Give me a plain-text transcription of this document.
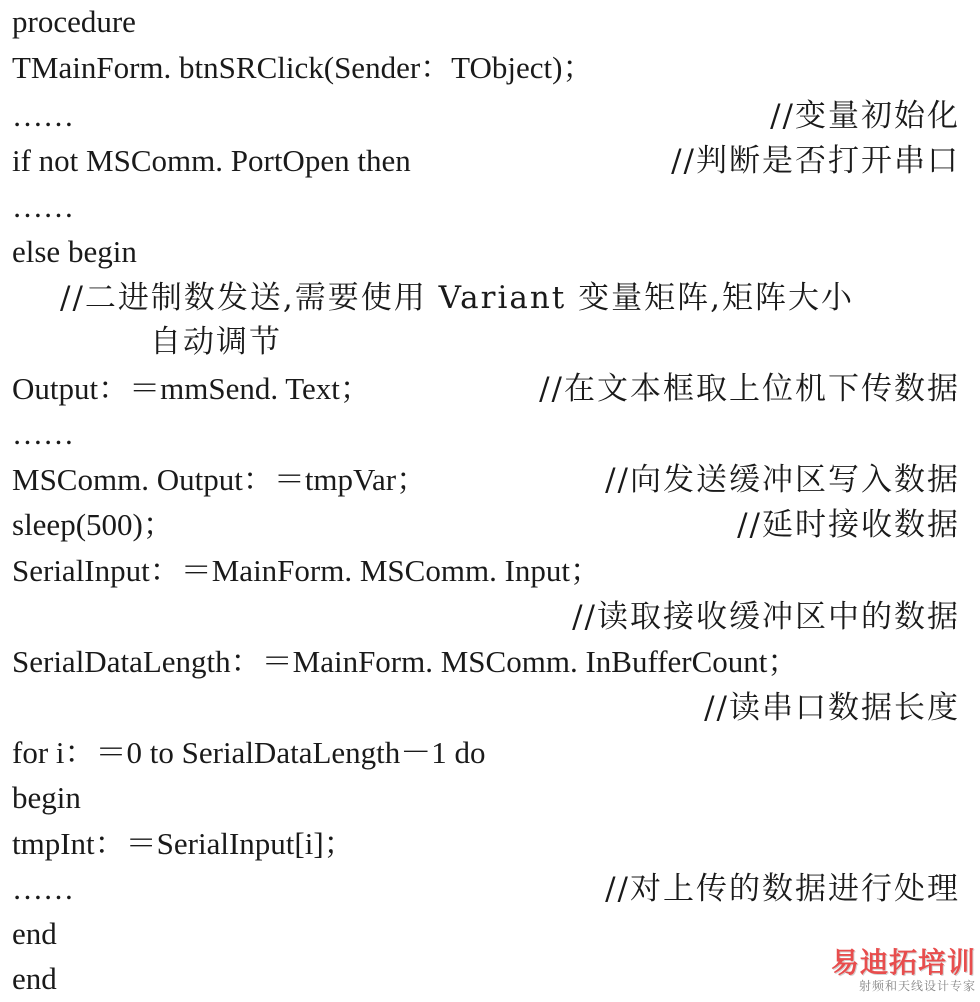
procedure
TMainForm. btnSRClick(Sender：TObject)；
……	//变量初始化
if not MSComm. PortOpen then	//判断是否打开串口
……
else begin
//二进制数发送,需要使用 Variant 变量矩阵,矩阵大小
自动调节
Output：＝mmSend. Text；	//在文本框取上位机下传数据
……
MSComm. Output：＝tmpVar；	//向发送缓冲区写入数据
sleep(500)；	//延时接收数据
SerialInput：＝MainForm. MSComm. Input；
//读取接收缓冲区中的数据
SerialDataLength：＝MainForm. MSComm. InBufferCount；
//读串口数据长度
for i：＝0 to SerialDataLength－1 do
begin
tmpInt：＝SerialInput[i]；
……	//对上传的数据进行处理
end
end	易迪拓培训
射频和天线设计专家
